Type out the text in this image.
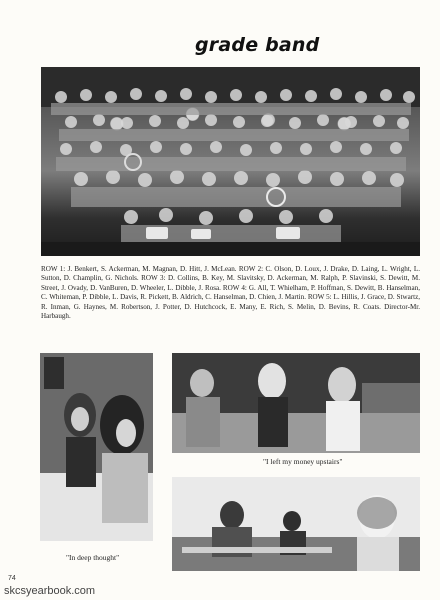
grade band
ROW 1: J. Benkert, S. Ackerman, M. Magnan, D. Hitt, J. McLean. ROW 2: C. Olson, D. Loux, J. Drake, D. Laing, L. Wright, L. Sutton, D. Champlin, G. Nichols. ROW 3: D. Collins, B. Key, M. Slavitsky, D. Ackerman, M. Ralph, P. Slavinski, S. Dewitt, M. Street, J. Ovady, D. VanBuren, D. Wheeler, L. Dibble, J. Rosa. ROW 4: G. All, T. Whielham, P. Hoffman, S. Dewitt, B. Hanselman, C. Whiteman, P. Dibble, L. Davis, R. Pickett, B. Aldrich, C. Hanselman, D. Chien, J. Martin. ROW 5: L. Hillis, J. Grace, D. Stwartz, R. Inman, G. Haynes, M. Robertson, J. Potter, D. Hutchcock, E. Many, E. Rich, S. Melin, D. Bevins, R. Coats. Director-Mr. Harbaugh.
"I left my money upstairs"
"In deep thought"
74
skcsyearbook.com
